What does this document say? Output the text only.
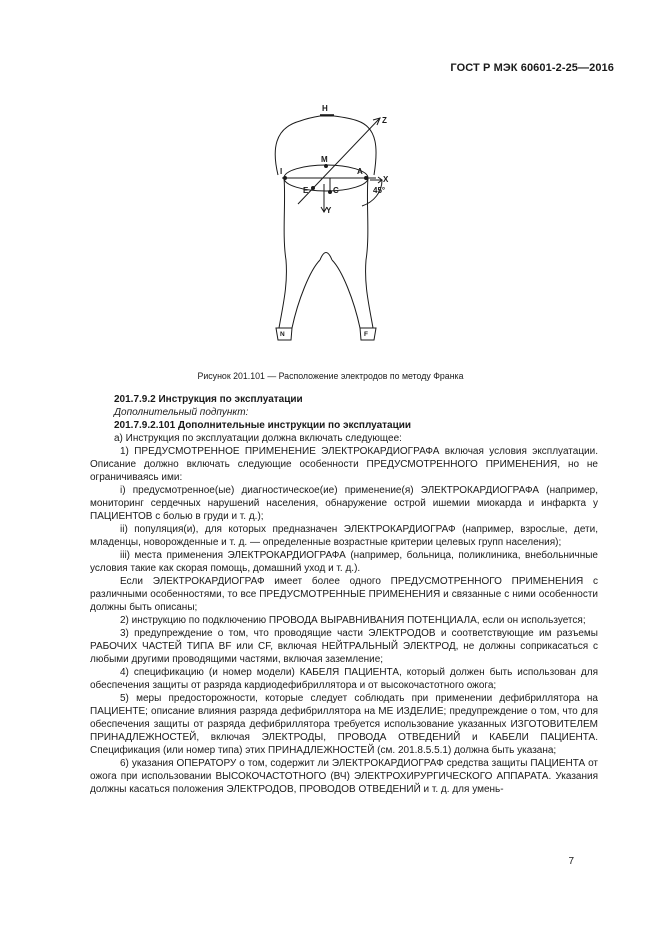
ГОСТ Р МЭК 60601-2-25—2016
H
Z
M
I	A
X
E	C
Y
45°
N	F
Рисунок 201.101 — Расположение электродов по методу Франка

201.7.9.2 Инструкция по эксплуатации

Дополнительный подпункт:

201.7.9.2.101 Дополнительные инструкции по эксплуатации

а) Инструкция по эксплуатации должна включать следующее:

1) ПРЕДУСМОТРЕННОЕ ПРИМЕНЕНИЕ ЭЛЕКТРОКАРДИОГРАФА включая условия эксплуатации. Описание должно включать следующие особенности ПРЕДУСМОТРЕННОГО ПРИМЕНЕНИЯ, но не ограничиваясь ими:

i) предусмотренное(ые) диагностическое(ие) применение(я) ЭЛЕКТРОКАРДИОГРАФА (например, мониторинг сердечных нарушений населения, обнаружение острой ишемии миокарда и инфаркта у ПАЦИЕНТОВ с болью в груди и т. д.);

ii) популяция(и), для которых предназначен ЭЛЕКТРОКАРДИОГРАФ (например, взрослые, дети, младенцы, новорожденные и т. д. — определенные возрастные критерии целевых групп населения);

iii) места применения ЭЛЕКТРОКАРДИОГРАФА (например, больница, поликлиника, внебольничные условия такие как скорая помощь, домашний уход и т. д.).

Если ЭЛЕКТРОКАРДИОГРАФ имеет более одного ПРЕДУСМОТРЕННОГО ПРИМЕНЕНИЯ с различными особенностями, то все ПРЕДУСМОТРЕННЫЕ ПРИМЕНЕНИЯ и связанные с ними особенности должны быть описаны;

2) инструкцию по подключению ПРОВОДА ВЫРАВНИВАНИЯ ПОТЕНЦИАЛА, если он используется;

3) предупреждение о том, что проводящие части ЭЛЕКТРОДОВ и соответствующие им разъемы РАБОЧИХ ЧАСТЕЙ ТИПА BF или CF, включая НЕЙТРАЛЬНЫЙ ЭЛЕКТРОД, не должны соприкасаться с любыми другими проводящими частями, включая заземление;

4) спецификацию (и номер модели) КАБЕЛЯ ПАЦИЕНТА, который должен быть использован для обеспечения защиты от разряда кардиодефибриллятора и от высокочастотного ожога;

5) меры предосторожности, которые следует соблюдать при применении дефибриллятора на ПАЦИЕНТЕ; описание влияния разряда дефибриллятора на МЕ ИЗДЕЛИЕ; предупреждение о том, что для обеспечения защиты от разряда дефибриллятора требуется использование указанных ИЗГОТОВИТЕЛЕМ ПРИНАДЛЕЖНОСТЕЙ, включая ЭЛЕКТРОДЫ, ПРОВОДА ОТВЕДЕНИЙ и КАБЕЛИ ПАЦИЕНТА. Спецификация (или номер типа) этих ПРИНАДЛЕЖНОСТЕЙ (см. 201.8.5.5.1) должна быть указана;

6) указания ОПЕРАТОРУ о том, содержит ли ЭЛЕКТРОКАРДИОГРАФ средства защиты ПАЦИЕНТА от ожога при использовании ВЫСОКОЧАСТОТНОГО (ВЧ) ЭЛЕКТРОХИРУРГИЧЕСКОГО АППАРАТА. Указания должны касаться положения ЭЛЕКТРОДОВ, ПРОВОДОВ ОТВЕДЕНИЙ и т. д. для умень-

7
